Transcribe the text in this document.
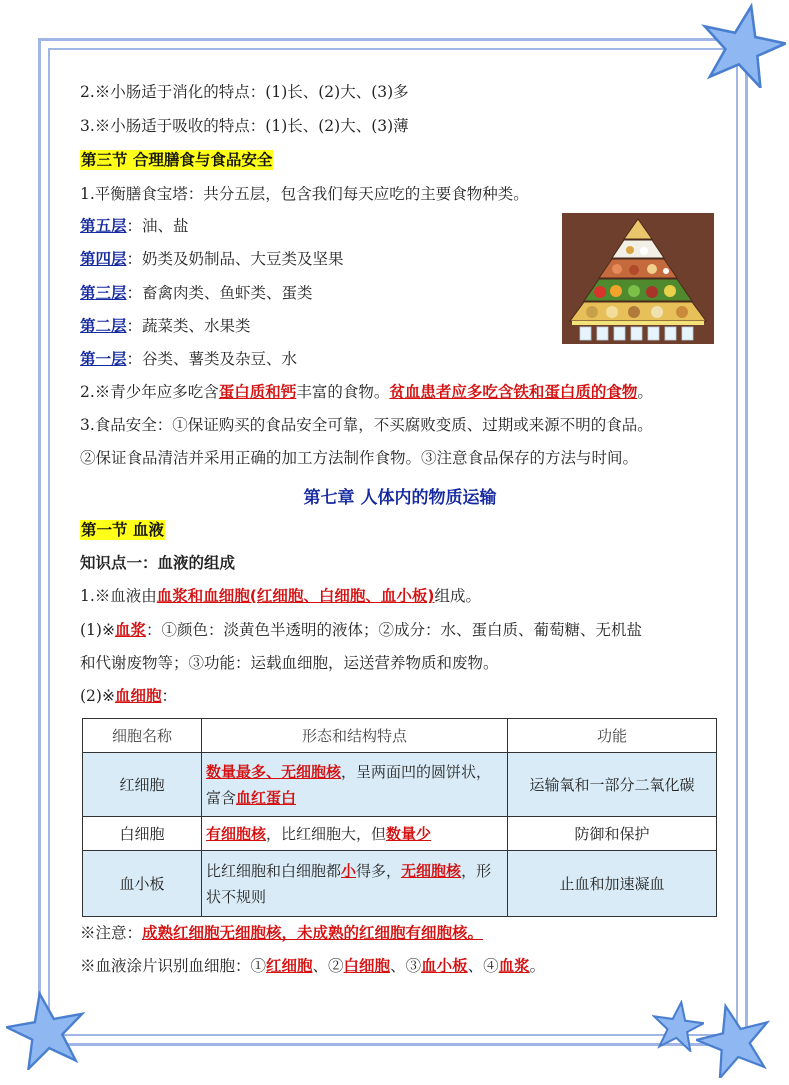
2.※小肠适于消化的特点：(1)长、(2)大、(3)多
3.※小肠适于吸收的特点：(1)长、(2)大、(3)薄
第三节 合理膳食与食品安全
1.平衡膳食宝塔：共分五层，包含我们每天应吃的主要食物种类。
第五层：油、盐
第四层：奶类及奶制品、大豆类及坚果
第三层：畜禽肉类、鱼虾类、蛋类
第二层：蔬菜类、水果类
第一层：谷类、薯类及杂豆、水
2.※青少年应多吃含蛋白质和钙丰富的食物。贫血患者应多吃含铁和蛋白质的食物。
3.食品安全：①保证购买的食品安全可靠，不买腐败变质、过期或来源不明的食品。
②保证食品清洁并采用正确的加工方法制作食物。③注意食品保存的方法与时间。
第七章 人体内的物质运输
第一节 血液
知识点一：血液的组成
1.※血液由血浆和血细胞(红细胞、白细胞、血小板)组成。
(1)※血浆：①颜色：淡黄色半透明的液体；②成分：水、蛋白质、葡萄糖、无机盐
和代谢废物等；③功能：运载血细胞，运送营养物质和废物。
(2)※血细胞：
※注意：成熟红细胞无细胞核，未成熟的红细胞有细胞核。
※血液涂片识别血细胞：①红细胞、②白细胞、③血小板、④血浆。
细胞名称	形态和结构特点	功能
红细胞	数量最多、无细胞核，呈两面凹的圆饼状，富含血红蛋白	运输氧和一部分二氧化碳
白细胞	有细胞核，比红细胞大，但数量少	防御和保护
血小板	比红细胞和白细胞都小得多，无细胞核，形状不规则	止血和加速凝血
